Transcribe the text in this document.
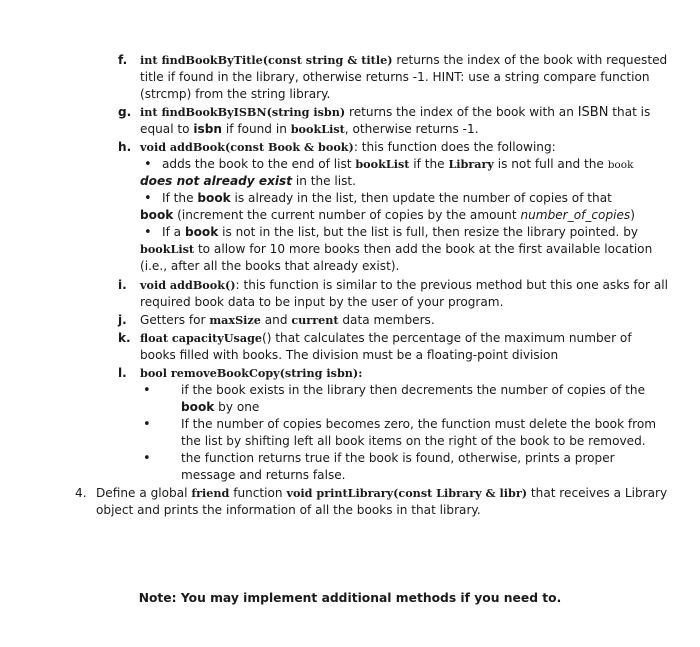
f. int findBookByTitle(const string & title) returns the index of the book with requested
title if found in the library, otherwise returns -1. HINT: use a string compare function
(strcmp) from the string library.
g. int findBookByISBN(string isbn) returns the index of the book with an ISBN that is
equal to isbn if found in bookList, otherwise returns -1.
h. void addBook(const Book & book): this function does the following:
• adds the book to the end of list bookList if the Library is not full and the book
does not already exist in the list.
• If the book is already in the list, then update the number of copies of that
book (increment the current number of copies by the amount number_of_copies)
• If a book is not in the list, but the list is full, then resize the library pointed. by
bookList to allow for 10 more books then add the book at the first available location
(i.e., after all the books that already exist).
i. void addBook(): this function is similar to the previous method but this one asks for all
required book data to be input by the user of your program.
j. Getters for maxSize and current data members.
k. float capacityUsage() that calculates the percentage of the maximum number of
books filled with books. The division must be a floating-point division
l. bool removeBookCopy(string isbn):
•	if the book exists in the library then decrements the number of copies of the
book by one
•	If the number of copies becomes zero, the function must delete the book from
the list by shifting left all book items on the right of the book to be removed.
•	the function returns true if the book is found, otherwise, prints a proper
message and returns false.
4. Define a global friend function void printLibrary(const Library & libr) that receives a Library
object and prints the information of all the books in that library.
Note: You may implement additional methods if you need to.
